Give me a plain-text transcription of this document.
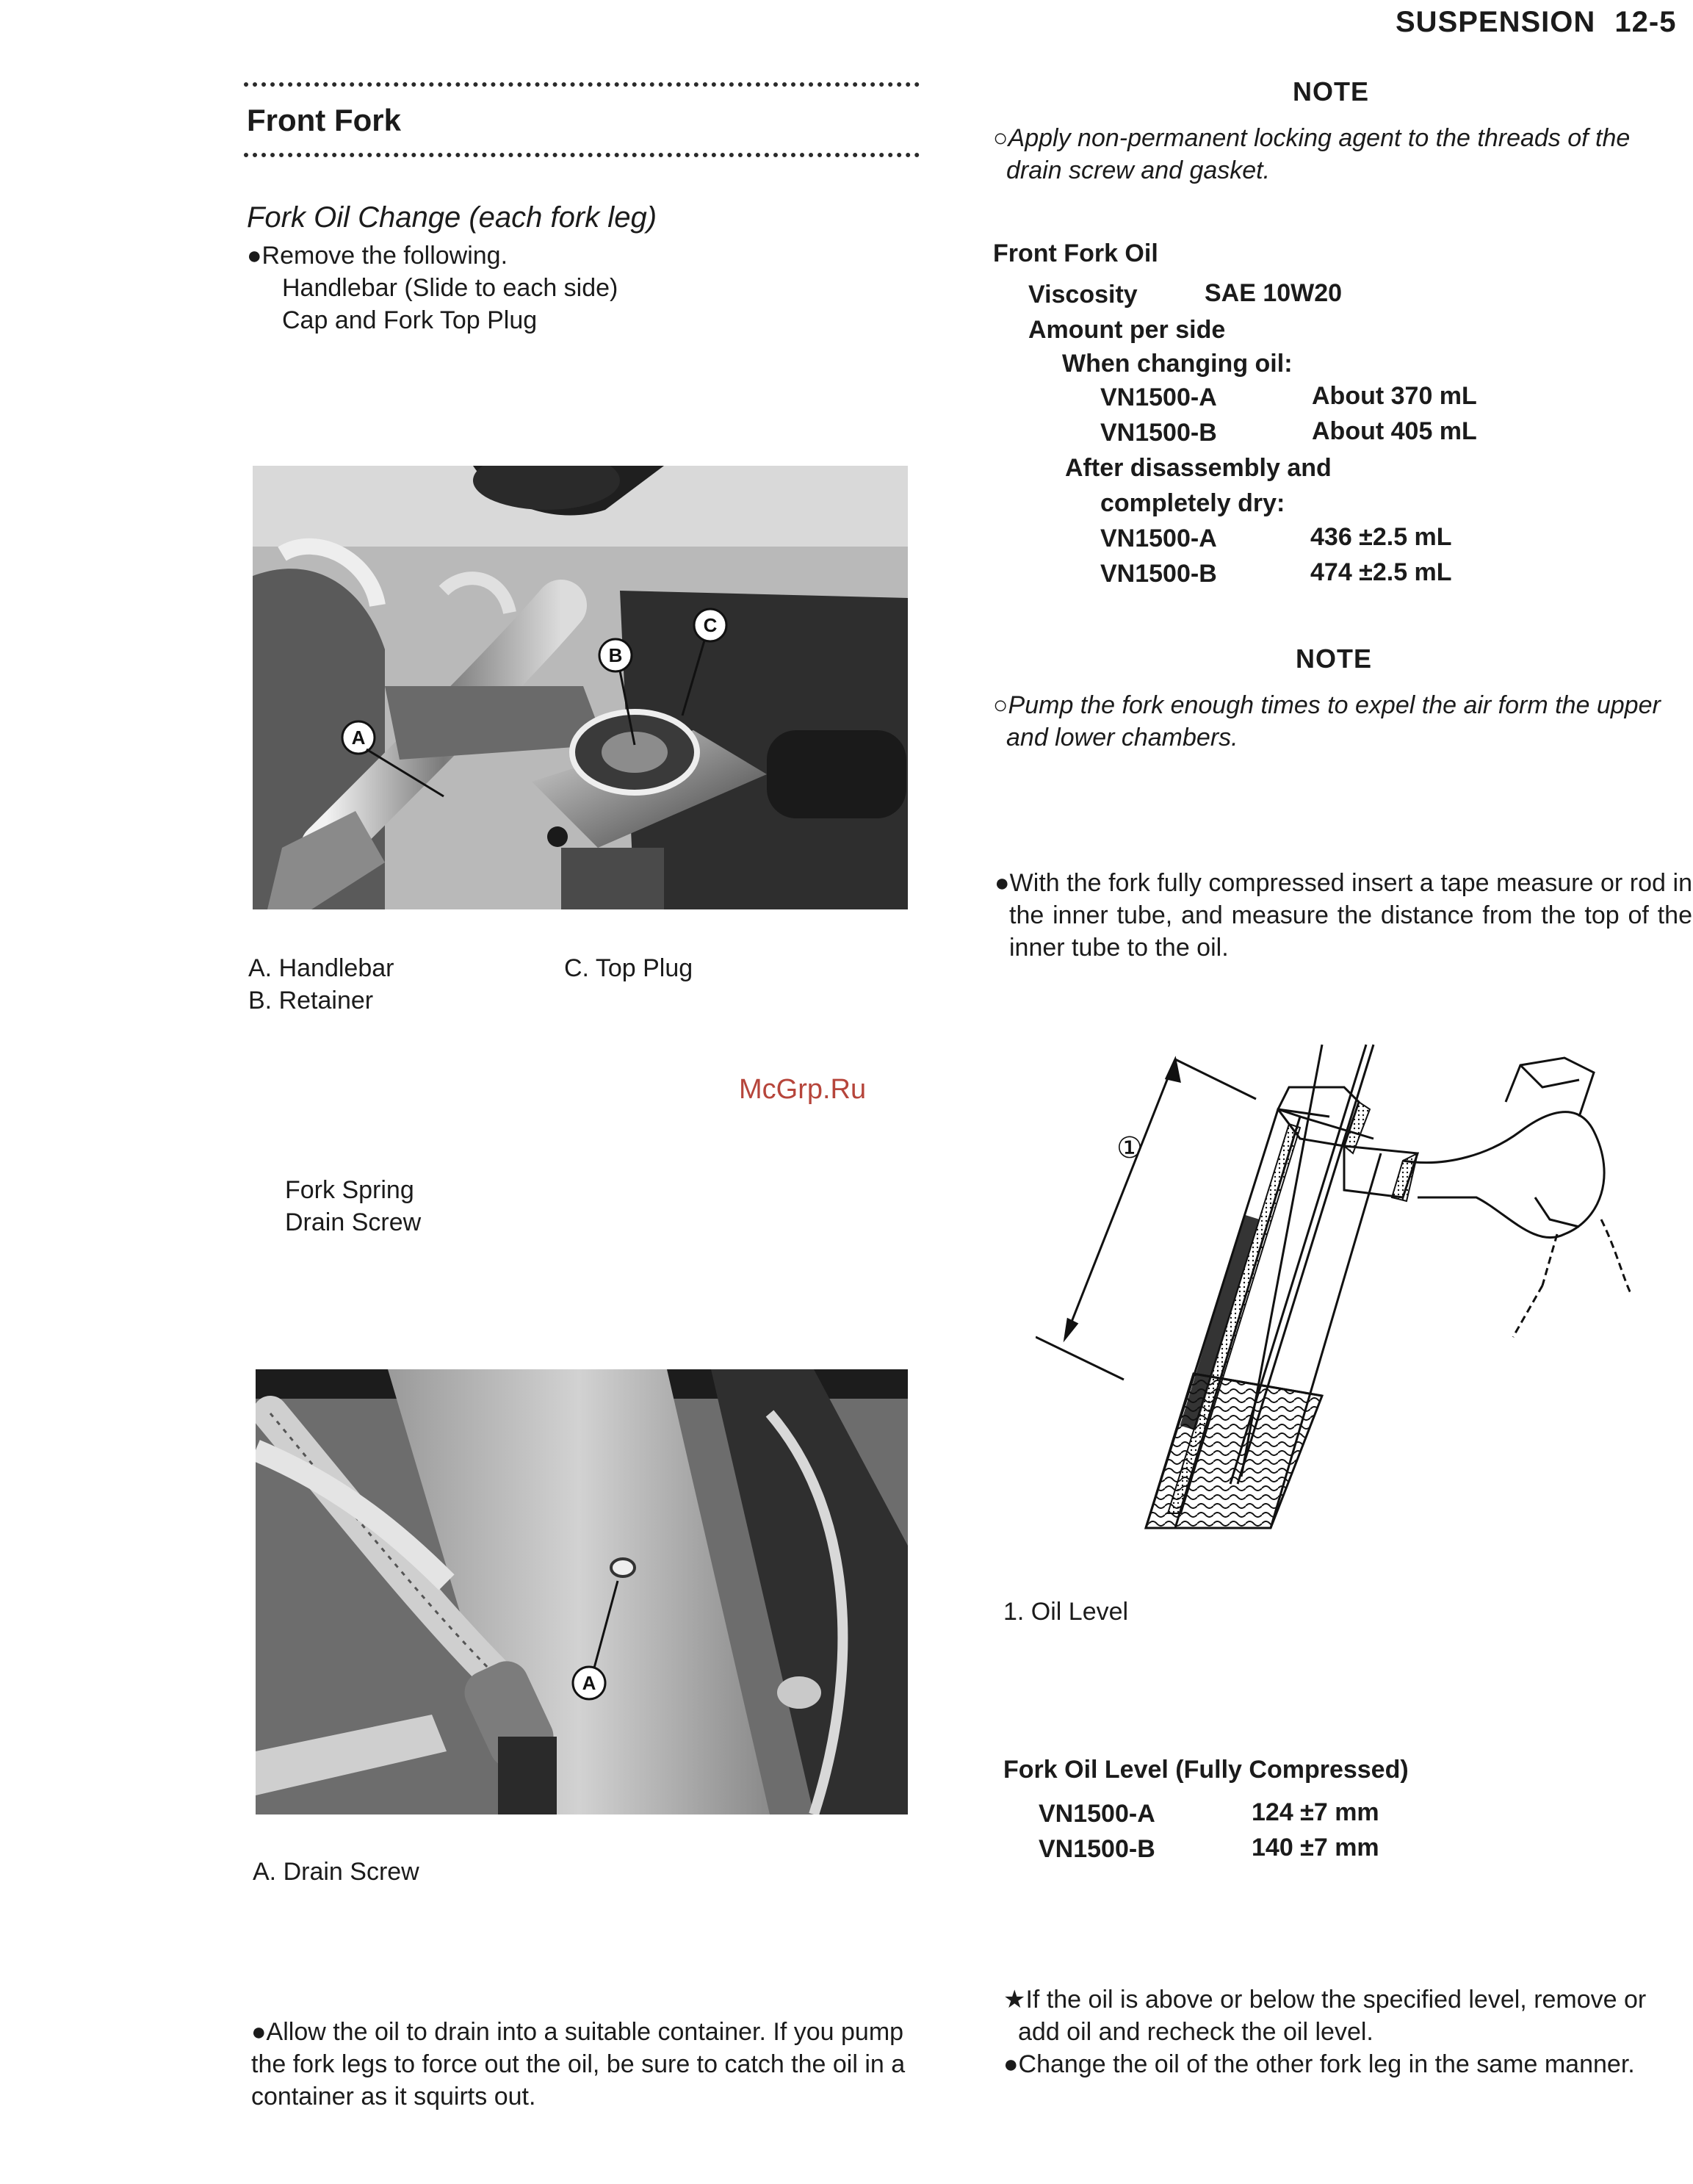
SUSPENSION 12-5
Front Fork
Fork Oil Change (each fork leg)
●Remove the following.
Handlebar (Slide to each side)
Cap and Fork Top Plug
A
B
C
A. Handlebar
B. Retainer
C. Top Plug
McGrp.Ru
Fork Spring
Drain Screw
A
A. Drain Screw
●Allow the oil to drain into a suitable container. If you pump the fork legs to force out the oil, be sure to catch the oil in a container as it squirts out.
NOTE
○Apply non-permanent locking agent to the threads of the drain screw and gasket.
Front Fork Oil
Viscosity	SAE 10W20
Amount per side
When changing oil:
VN1500-A	About 370 mL
VN1500-B	About 405 mL
After disassembly and
completely dry:
VN1500-A	436 ±2.5 mL
VN1500-B	474 ±2.5 mL
NOTE
○Pump the fork enough times to expel the air form the upper and lower chambers.
●With the fork fully compressed insert a tape measure or rod in the inner tube, and measure the distance from the top of the inner tube to the oil.
①
1. Oil Level
Fork Oil Level (Fully Compressed)
VN1500-A	124 ±7 mm
VN1500-B	140 ±7 mm
★If the oil is above or below the specified level, remove or add oil and recheck the oil level.
●Change the oil of the other fork leg in the same manner.
